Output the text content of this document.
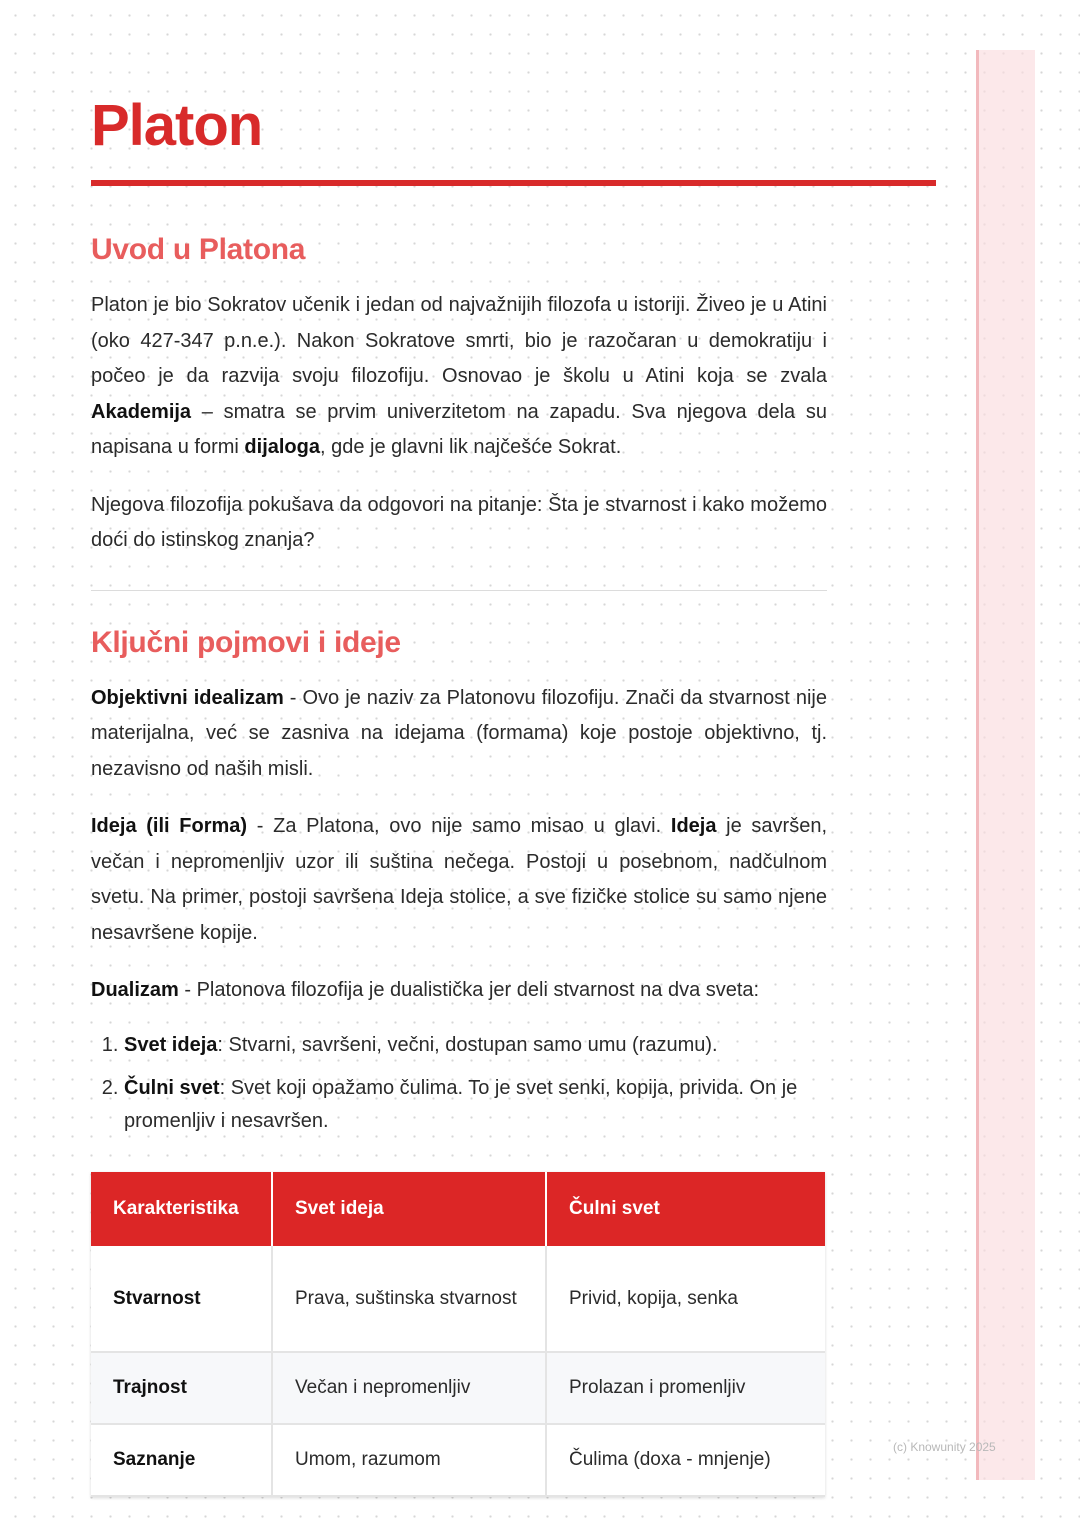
Platon
Uvod u Platona

Platon je bio Sokratov učenik i jedan od najvažnijih filozofa u istoriji. Živeo je u Atini (oko 427-347 p.n.e.). Nakon Sokratove smrti, bio je razočaran u demokratiju i počeo je da razvija svoju filozofiju. Osnovao je školu u Atini koja se zvala Akademija – smatra se prvim univerzitetom na zapadu. Sva njegova dela su napisana u formi dijaloga, gde je glavni lik najčešće Sokrat.

Njegova filozofija pokušava da odgovori na pitanje: Šta je stvarnost i kako možemo doći do istinskog znanja?

Ključni pojmovi i ideje

Objektivni idealizam - Ovo je naziv za Platonovu filozofiju. Znači da stvarnost nije materijalna, već se zasniva na idejama (formama) koje postoje objektivno, tj. nezavisno od naših misli.

Ideja (ili Forma) - Za Platona, ovo nije samo misao u glavi. Ideja je savršen, večan i nepromenljiv uzor ili suština nečega. Postoji u posebnom, nadčulnom svetu. Na primer, postoji savršena Ideja stolice, a sve fizičke stolice su samo njene nesavršene kopije.

Dualizam - Platonova filozofija je dualistička jer deli stvarnost na dva sveta:

1. Svet ideja: Stvarni, savršeni, večni, dostupan samo umu (razumu).
2. Čulni svet: Svet koji opažamo čulima. To je svet senki, kopija, privida. On je promenljiv i nesavršen.
Karakteristika	Svet ideja	Čulni svet
Stvarnost	Prava, suštinska stvarnost	Privid, kopija, senka
Trajnost	Večan i nepromenljiv	Prolazan i promenljiv
Saznanje	Umom, razumom	Čulima (doxa - mnjenje)
(c) Knowunity 2025
